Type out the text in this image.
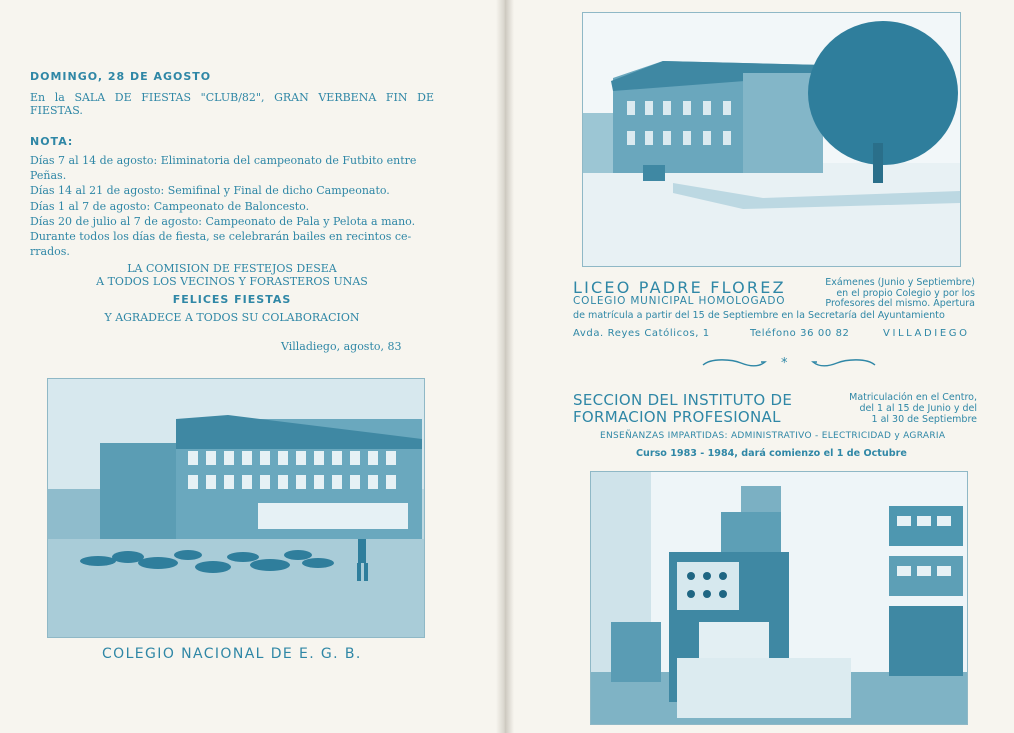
DOMINGO, 28 DE AGOSTO
En la SALA DE FIESTAS "CLUB/82", GRAN VERBENA FIN DE
FIESTAS.
NOTA:
Días 7 al 14 de agosto: Eliminatoria del campeonato de Futbito entre
Peñas.
Días 14 al 21 de agosto: Semifinal y Final de dicho Campeonato.
Días 1 al 7 de agosto: Campeonato de Baloncesto.
Días 20 de julio al 7 de agosto: Campeonato de Pala y Pelota a mano.
Durante todos los días de fiesta, se celebrarán bailes en recintos ce-
rrados.
LA COMISION DE FESTEJOS DESEA
A TODOS LOS VECINOS Y FORASTEROS UNAS
FELICES FIESTAS
Y AGRADECE A TODOS SU COLABORACION
Villadiego, agosto, 83
COLEGIO NACIONAL DE E. G. B.
LICEO PADRE FLOREZ
COLEGIO MUNICIPAL HOMOLOGADO
Exámenes (Junio y Septiembre)
en el propio Colegio y por los
Profesores del mismo. Apertura
de matrícula a partir del 15 de Septiembre en la Secretaría del Ayuntamiento
Avda. Reyes Católicos, 1	Teléfono 36 00 82	VILLADIEGO
*
SECCION DEL INSTITUTO DE
FORMACION PROFESIONAL
Matriculación en el Centro,
del 1 al 15 de Junio y del
1 al 30 de Septiembre
ENSEÑANZAS IMPARTIDAS: ADMINISTRATIVO - ELECTRICIDAD y AGRARIA
Curso 1983 - 1984, dará comienzo el 1 de Octubre
